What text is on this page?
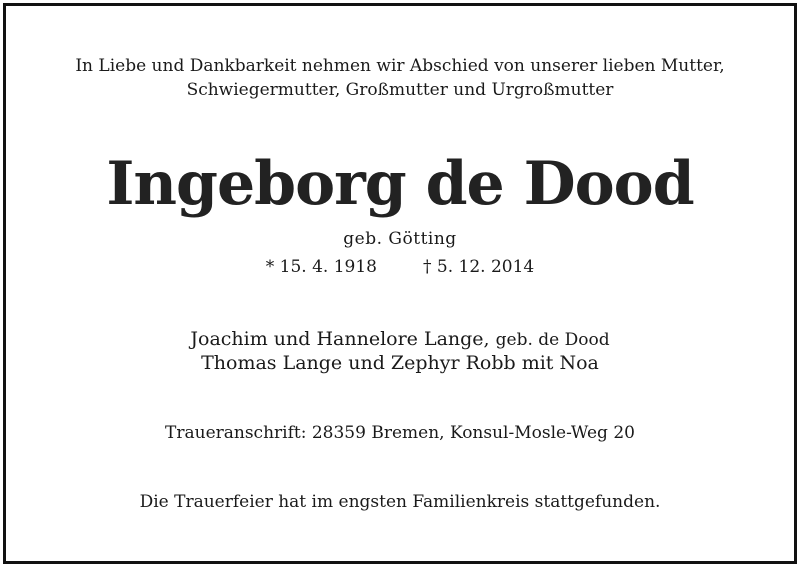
In Liebe und Dankbarkeit nehmen wir Abschied von unserer lieben Mutter,
Schwiegermutter, Großmutter und Urgroßmutter
Ingeborg de Dood
geb. Götting
* 15. 4. 1918	† 5. 12. 2014
Joachim und Hannelore Lange, geb. de Dood
Thomas Lange und Zephyr Robb mit Noa
Traueranschrift: 28359 Bremen, Konsul-Mosle-Weg 20
Die Trauerfeier hat im engsten Familienkreis stattgefunden.
